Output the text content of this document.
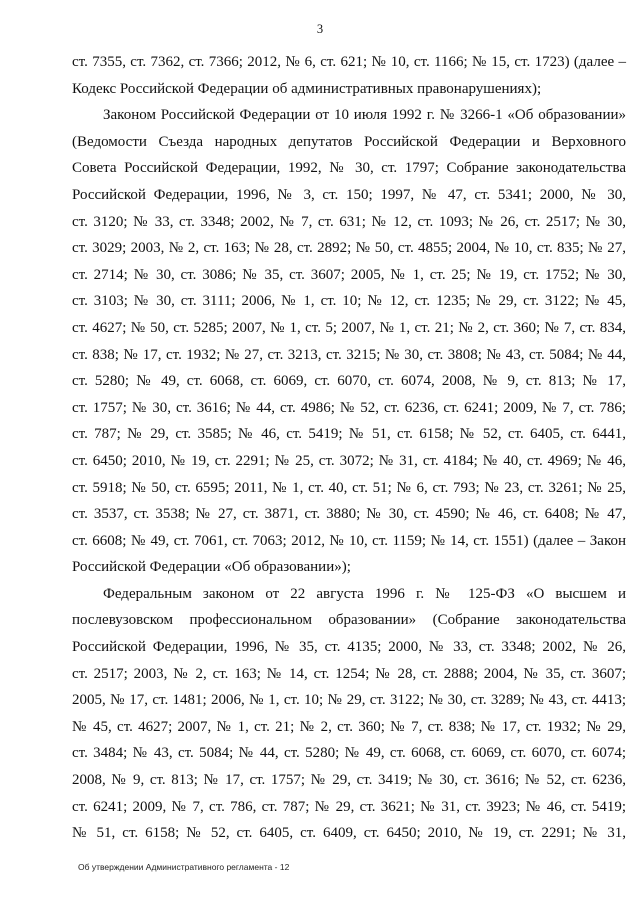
3

ст. 7355, ст. 7362, ст. 7366; 2012, № 6, ст. 621; № 10, ст. 1166; № 15, ст. 1723) (далее –
Кодекс Российской Федерации об административных правонарушениях);

Законом Российской Федерации от 10 июля 1992 г. № 3266-1 «Об образовании»
(Ведомости Съезда народных депутатов Российской Федерации и Верховного
Совета Российской Федерации, 1992, № 30, ст. 1797; Собрание законодательства
Российской Федерации, 1996, № 3, ст. 150; 1997, № 47, ст. 5341; 2000, № 30,
ст. 3120; № 33, ст. 3348; 2002, № 7, ст. 631; № 12, ст. 1093; № 26, ст. 2517; № 30,
ст. 3029; 2003, № 2, ст. 163; № 28, ст. 2892; № 50, ст. 4855; 2004, № 10, ст. 835; № 27,
ст. 2714; № 30, ст. 3086; № 35, ст. 3607; 2005, № 1, ст. 25; № 19, ст. 1752; № 30,
ст. 3103; № 30, ст. 3111; 2006, № 1, ст. 10; № 12, ст. 1235; № 29, ст. 3122; № 45,
ст. 4627; № 50, ст. 5285; 2007, № 1, ст. 5; 2007, № 1, ст. 21; № 2, ст. 360; № 7, ст. 834,
ст. 838; № 17, ст. 1932; № 27, ст. 3213, ст. 3215; № 30, ст. 3808; № 43, ст. 5084; № 44,
ст. 5280; № 49, ст. 6068, ст. 6069, ст. 6070, ст. 6074, 2008, № 9, ст. 813; № 17,
ст. 1757; № 30, ст. 3616; № 44, ст. 4986; № 52, ст. 6236, ст. 6241; 2009, № 7, ст. 786;
ст. 787; № 29, ст. 3585; № 46, ст. 5419; № 51, ст. 6158; № 52, ст. 6405, ст. 6441,
ст. 6450; 2010, № 19, ст. 2291; № 25, ст. 3072; № 31, ст. 4184; № 40, ст. 4969; № 46,
ст. 5918; № 50, ст. 6595; 2011, № 1, ст. 40, ст. 51; № 6, ст. 793; № 23, ст. 3261; № 25,
ст. 3537, ст. 3538; № 27, ст. 3871, ст. 3880; № 30, ст. 4590; № 46, ст. 6408; № 47,
ст. 6608; № 49, ст. 7061, ст. 7063; 2012, № 10, ст. 1159; № 14, ст. 1551) (далее – Закон
Российской Федерации «Об образовании»);

Федеральным законом от 22 августа 1996 г. № 125-ФЗ «О высшем и
послевузовском профессиональном образовании» (Собрание законодательства
Российской Федерации, 1996, № 35, ст. 4135; 2000, № 33, ст. 3348; 2002, № 26,
ст. 2517; 2003, № 2, ст. 163; № 14, ст. 1254; № 28, ст. 2888; 2004, № 35, ст. 3607;
2005, № 17, ст. 1481; 2006, № 1, ст. 10; № 29, ст. 3122; № 30, ст. 3289; № 43, ст. 4413;
№ 45, ст. 4627; 2007, № 1, ст. 21; № 2, ст. 360; № 7, ст. 838; № 17, ст. 1932; № 29,
ст. 3484; № 43, ст. 5084; № 44, ст. 5280; № 49, ст. 6068, ст. 6069, ст. 6070, ст. 6074;
2008, № 9, ст. 813; № 17, ст. 1757; № 29, ст. 3419; № 30, ст. 3616; № 52, ст. 6236,
ст. 6241; 2009, № 7, ст. 786, ст. 787; № 29, ст. 3621; № 31, ст. 3923; № 46, ст. 5419;
№ 51, ст. 6158; № 52, ст. 6405, ст. 6409, ст. 6450; 2010, № 19, ст. 2291; № 31,

Об утверждении Административного регламента - 12
